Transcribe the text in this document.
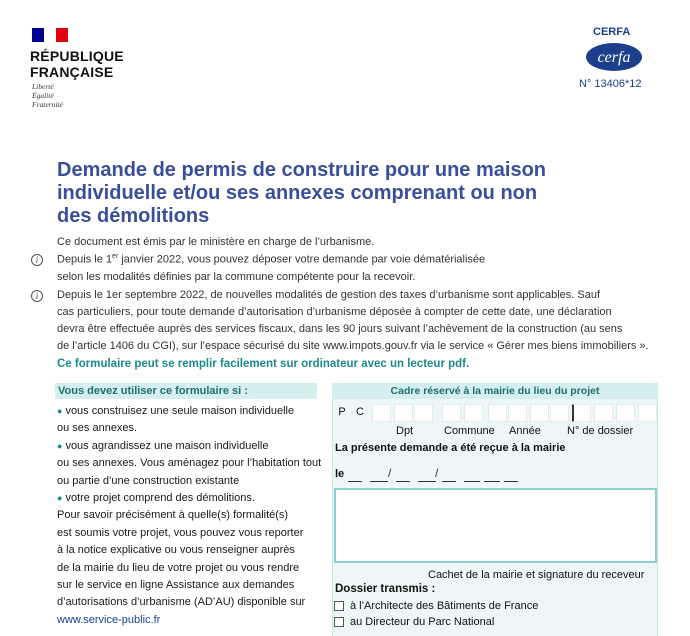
RÉPUBLIQUE
FRANÇAISE
Liberté
Égalité
Fraternité
CERFA
cerfa
N° 13406*12
Demande de permis de construire pour une maison
individuelle et/ou ses annexes comprenant ou non
des démolitions
Ce document est émis par le ministère en charge de l’urbanisme.
i	Depuis le 1er janvier 2022, vous pouvez déposer votre demande par voie dématérialisée
selon les modalités définies par la commune compétente pour la recevoir.
i	Depuis le 1er septembre 2022, de nouvelles modalités de gestion des taxes d’urbanisme sont applicables. Sauf
cas particuliers, pour toute demande d’autorisation d’urbanisme déposée à compter de cette date, une déclaration
devra être effectuée auprès des services fiscaux, dans les 90 jours suivant l’achèvement de la construction (au sens
de l’article 1406 du CGI), sur l’espace sécurisé du site www.impots.gouv.fr via le service « Gérer mes biens immobiliers ».
Ce formulaire peut se remplir facilement sur ordinateur avec un lecteur pdf.
Vous devez utiliser ce formulaire si :
● vous construisez une seule maison individuelle
ou ses annexes.
● vous agrandissez une maison individuelle
ou ses annexes. Vous aménagez pour l’habitation tout
ou partie d’une construction existante
● votre projet comprend des démolitions.
Pour savoir précisément à quelle(s) formalité(s)
est soumis votre projet, vous pouvez vous reporter
à la notice explicative ou vous renseigner auprès
de la mairie du lieu de votre projet ou vous rendre
sur le service en ligne Assistance aux demandes
d’autorisations d’urbanisme (AD’AU) disponible sur
www.service-public.fr
Cadre réservé à la mairie du lieu du projet
P C
Dpt	Commune Année N° de dossier
La présente demande a été reçue à la mairie
le	/	/
Cachet de la mairie et signature du receveur
Dossier transmis :
à l’Architecte des Bâtiments de France
au Directeur du Parc National
